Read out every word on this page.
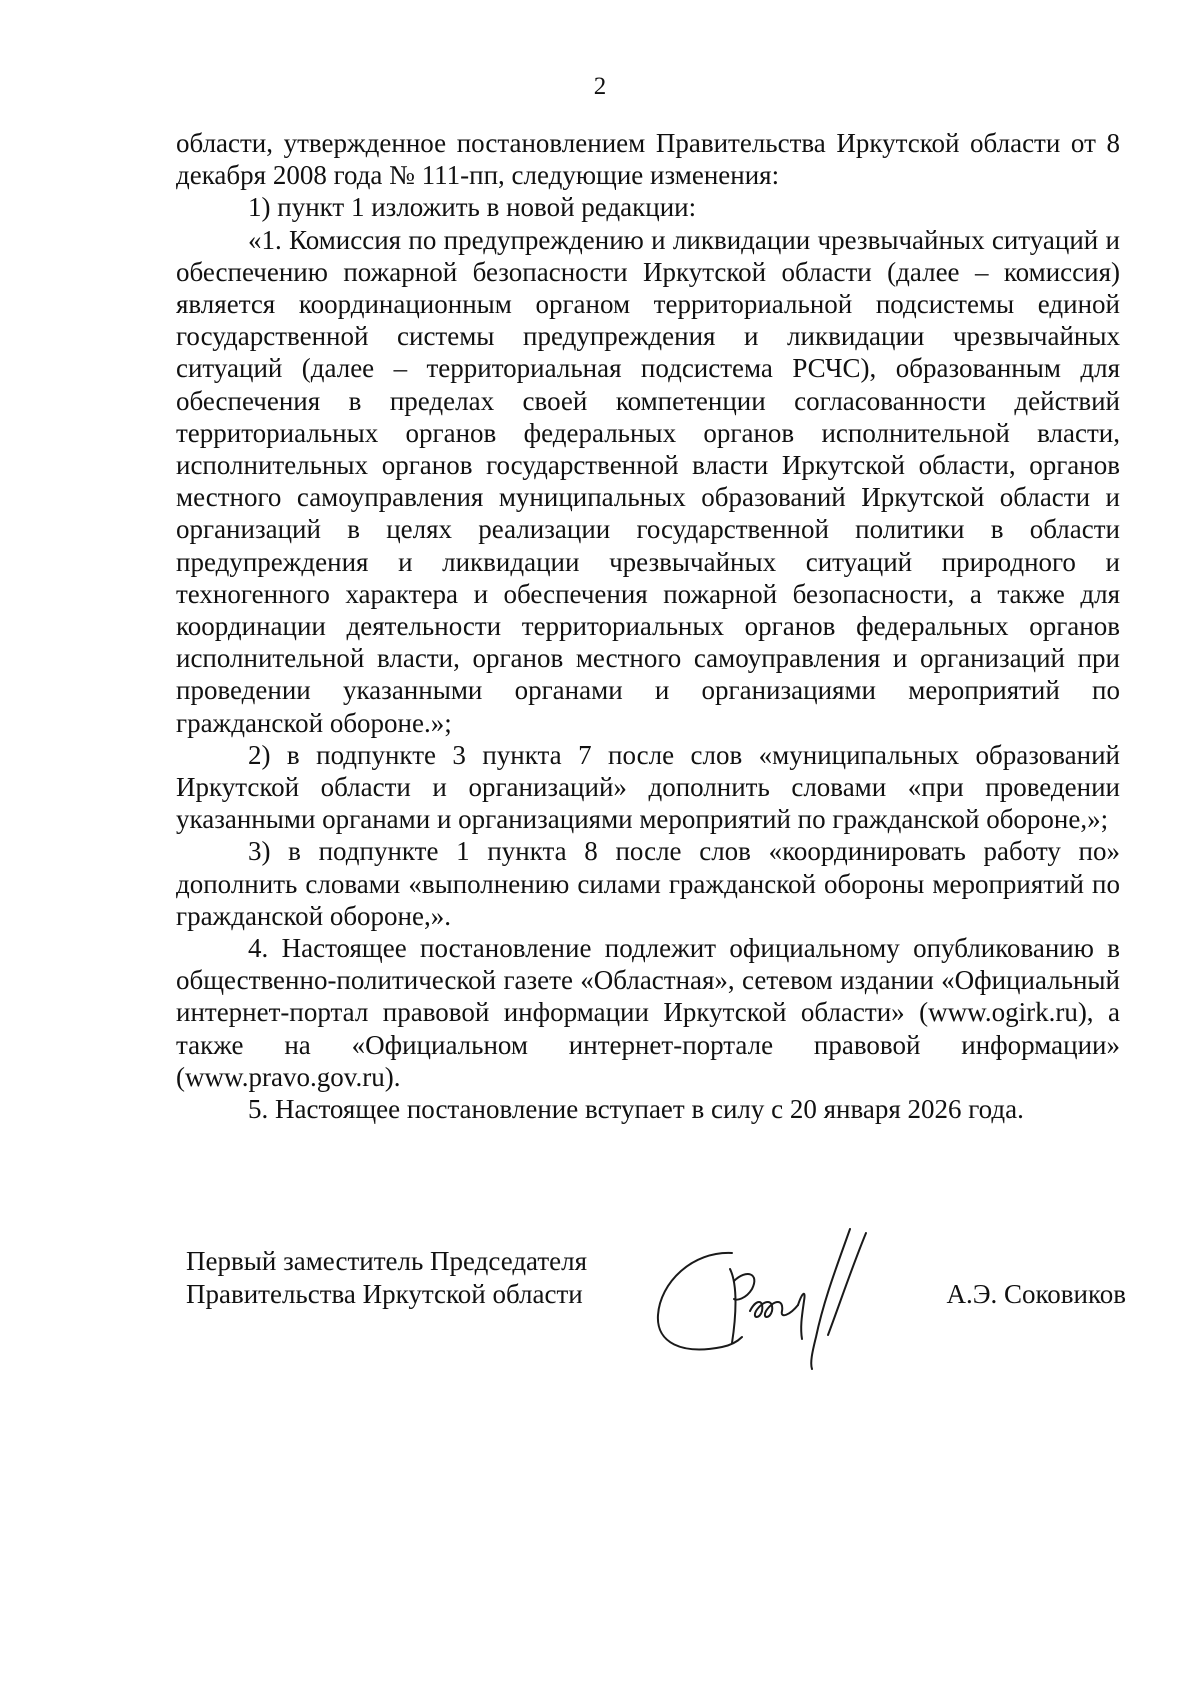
2

области, утвержденное постановлением Правительства Иркутской области от 8 декабря 2008 года № 111-пп, следующие изменения:

1) пункт 1 изложить в новой редакции:

«1. Комиссия по предупреждению и ликвидации чрезвычайных ситуаций и обеспечению пожарной безопасности Иркутской области (далее – комиссия) является координационным органом территориальной подсистемы единой государственной системы предупреждения и ликвидации чрезвычайных ситуаций (далее – территориальная подсистема РСЧС), образованным для обеспечения в пределах своей компетенции согласованности действий территориальных органов федеральных органов исполнительной власти, исполнительных органов государственной власти Иркутской области, органов местного самоуправления муниципальных образований Иркутской области и организаций в целях реализации государственной политики в области предупреждения и ликвидации чрезвычайных ситуаций природного и техногенного характера и обеспечения пожарной безопасности, а также для координации деятельности территориальных органов федеральных органов исполнительной власти, органов местного самоуправления и организаций при проведении указанными органами и организациями мероприятий по гражданской обороне.»;

2) в подпункте 3 пункта 7 после слов «муниципальных образований Иркутской области и организаций» дополнить словами «при проведении указанными органами и организациями мероприятий по гражданской обороне,»;

3) в подпункте 1 пункта 8 после слов «координировать работу по» дополнить словами «выполнению силами гражданской обороны мероприятий по гражданской обороне,».

4. Настоящее постановление подлежит официальному опубликованию в общественно-политической газете «Областная», сетевом издании «Официальный интернет-портал правовой информации Иркутской области» (www.ogirk.ru), а также на «Официальном интернет-портале правовой информации» (www.pravo.gov.ru).

5. Настоящее постановление вступает в силу с 20 января 2026 года.

Первый заместитель Председателя
Правительства Иркутской области	А.Э. Соковиков
